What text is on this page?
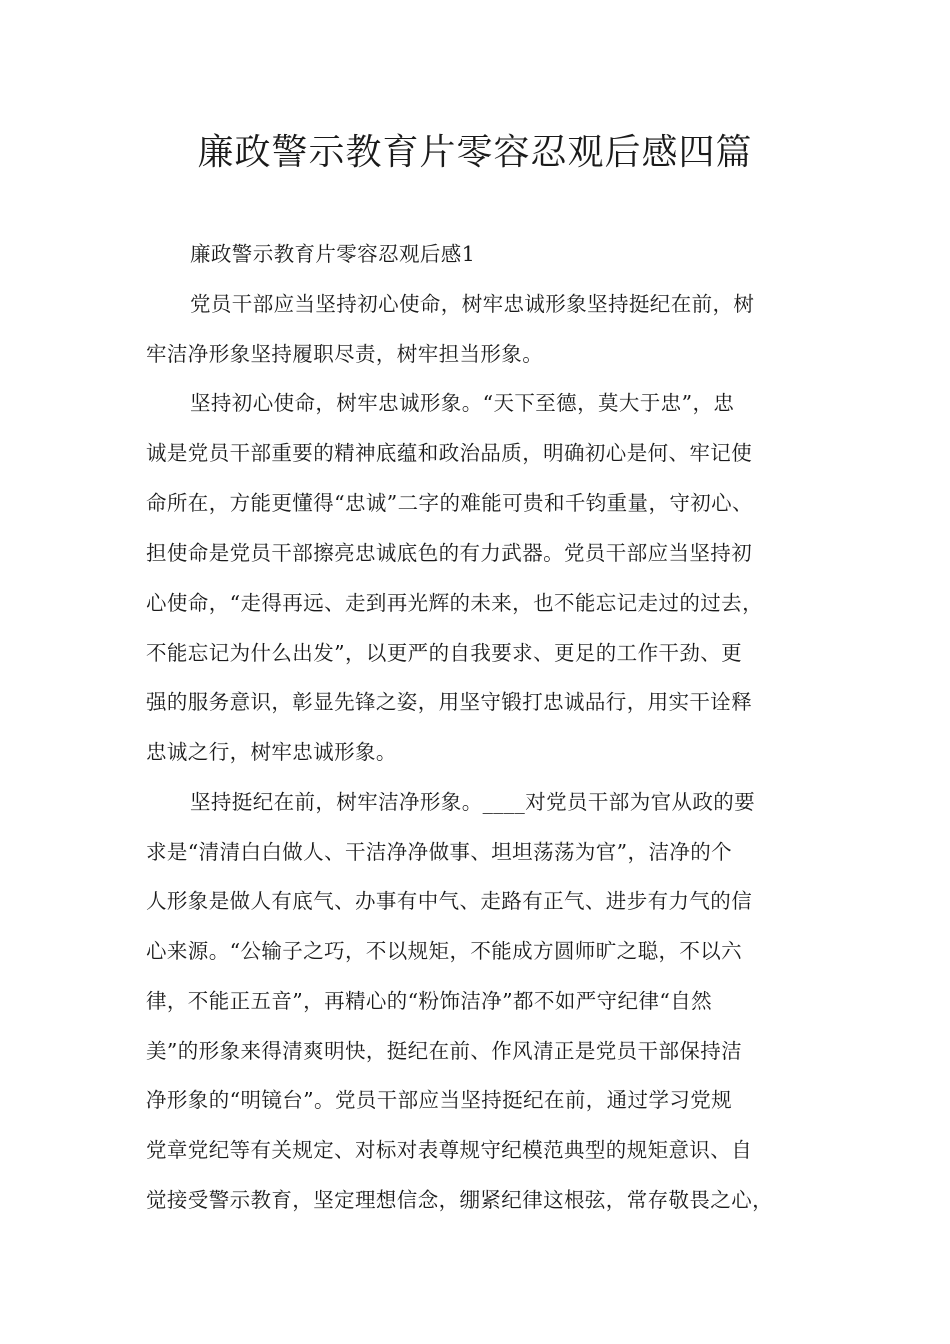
廉政警示教育片零容忍观后感四篇

廉政警示教育片零容忍观后感1

党员干部应当坚持初心使命，树牢忠诚形象坚持挺纪在前，树

牢洁净形象坚持履职尽责，树牢担当形象。

坚持初心使命，树牢忠诚形象。“天下至德，莫大于忠”，忠

诚是党员干部重要的精神底蕴和政治品质，明确初心是何、牢记使

命所在，方能更懂得“忠诚”二字的难能可贵和千钧重量，守初心、

担使命是党员干部擦亮忠诚底色的有力武器。党员干部应当坚持初

心使命，“走得再远、走到再光辉的未来，也不能忘记走过的过去，

不能忘记为什么出发”，以更严的自我要求、更足的工作干劲、更

强的服务意识，彰显先锋之姿，用坚守锻打忠诚品行，用实干诠释

忠诚之行，树牢忠诚形象。

坚持挺纪在前，树牢洁净形象。____对党员干部为官从政的要

求是“清清白白做人、干洁净净做事、坦坦荡荡为官”，洁净的个

人形象是做人有底气、办事有中气、走路有正气、进步有力气的信

心来源。“公输子之巧，不以规矩，不能成方圆师旷之聪，不以六

律，不能正五音”，再精心的“粉饰洁净”都不如严守纪律“自然

美”的形象来得清爽明快，挺纪在前、作风清正是党员干部保持洁

净形象的“明镜台”。党员干部应当坚持挺纪在前，通过学习党规

党章党纪等有关规定、对标对表尊规守纪模范典型的规矩意识、自

觉接受警示教育，坚定理想信念，绷紧纪律这根弦，常存敬畏之心，
